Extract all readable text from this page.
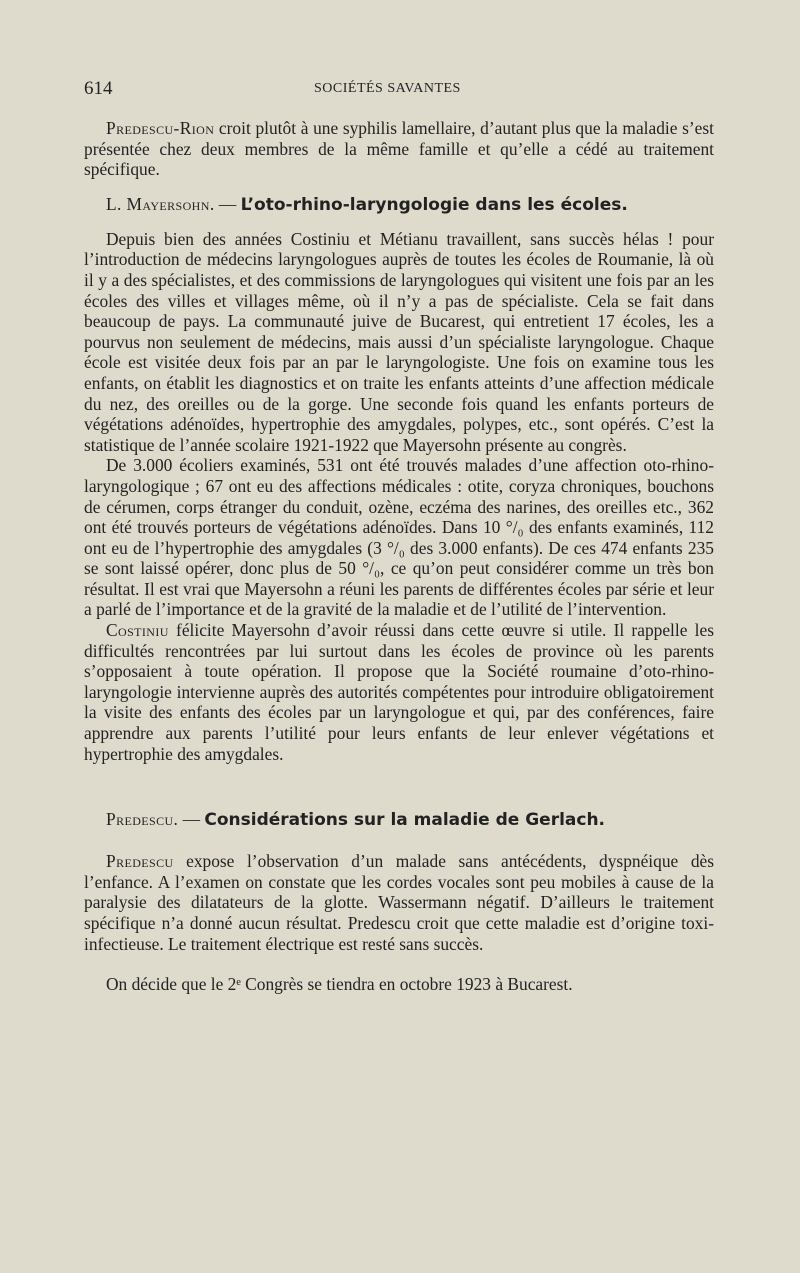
614	SOCIÉTÉS SAVANTES

Predescu-Rion croit plutôt à une syphilis lamellaire, d’autant plus que la maladie s’est présentée chez deux membres de la même famille et qu’elle a cédé au traitement spécifique.

L. Mayersohn. — L’oto-rhino-laryngologie dans les écoles.

Depuis bien des années Costiniu et Métianu travaillent, sans succès hélas ! pour l’introduction de médecins laryngologues auprès de toutes les écoles de Roumanie, là où il y a des spécialistes, et des commissions de laryngologues qui visitent une fois par an les écoles des villes et villages même, où il n’y a pas de spécialiste. Cela se fait dans beaucoup de pays. La communauté juive de Bucarest, qui entretient 17 écoles, les a pourvus non seulement de médecins, mais aussi d’un spécialiste laryngologue. Chaque école est visitée deux fois par an par le laryngologiste. Une fois on examine tous les enfants, on établit les diagnostics et on traite les enfants atteints d’une affection médicale du nez, des oreilles ou de la gorge. Une seconde fois quand les enfants porteurs de végétations adénoïdes, hypertrophie des amygdales, polypes, etc., sont opérés. C’est la statistique de l’année scolaire 1921-1922 que Mayersohn présente au congrès.

De 3.000 écoliers examinés, 531 ont été trouvés malades d’une affection oto-rhino-laryngologique ; 67 ont eu des affections médicales : otite, coryza chroniques, bouchons de cérumen, corps étranger du conduit, ozène, eczéma des narines, des oreilles etc., 362 ont été trouvés porteurs de végétations adénoïdes. Dans 10 °/₀ des enfants examinés, 112 ont eu de l’hypertrophie des amygdales (3 °/₀ des 3.000 enfants). De ces 474 enfants 235 se sont laissé opérer, donc plus de 50 °/₀, ce qu’on peut considérer comme un très bon résultat. Il est vrai que Mayersohn a réuni les parents de différentes écoles par série et leur a parlé de l’importance et de la gravité de la maladie et de l’utilité de l’intervention.

Costiniu félicite Mayersohn d’avoir réussi dans cette œuvre si utile. Il rappelle les difficultés rencontrées par lui surtout dans les écoles de province où les parents s’opposaient à toute opération. Il propose que la Société roumaine d’oto-rhino-laryngologie intervienne auprès des autorités compétentes pour introduire obligatoirement la visite des enfants des écoles par un laryngologue et qui, par des conférences, faire apprendre aux parents l’utilité pour leurs enfants de leur enlever végétations et hypertrophie des amygdales.

Predescu. — Considérations sur la maladie de Gerlach.

Predescu expose l’observation d’un malade sans antécédents, dyspnéique dès l’enfance. A l’examen on constate que les cordes vocales sont peu mobiles à cause de la paralysie des dilatateurs de la glotte. Wassermann négatif. D’ailleurs le traitement spécifique n’a donné aucun résultat. Predescu croit que cette maladie est d’origine toxi-infectieuse. Le traitement électrique est resté sans succès.

On décide que le 2ᵉ Congrès se tiendra en octobre 1923 à Bucarest.
